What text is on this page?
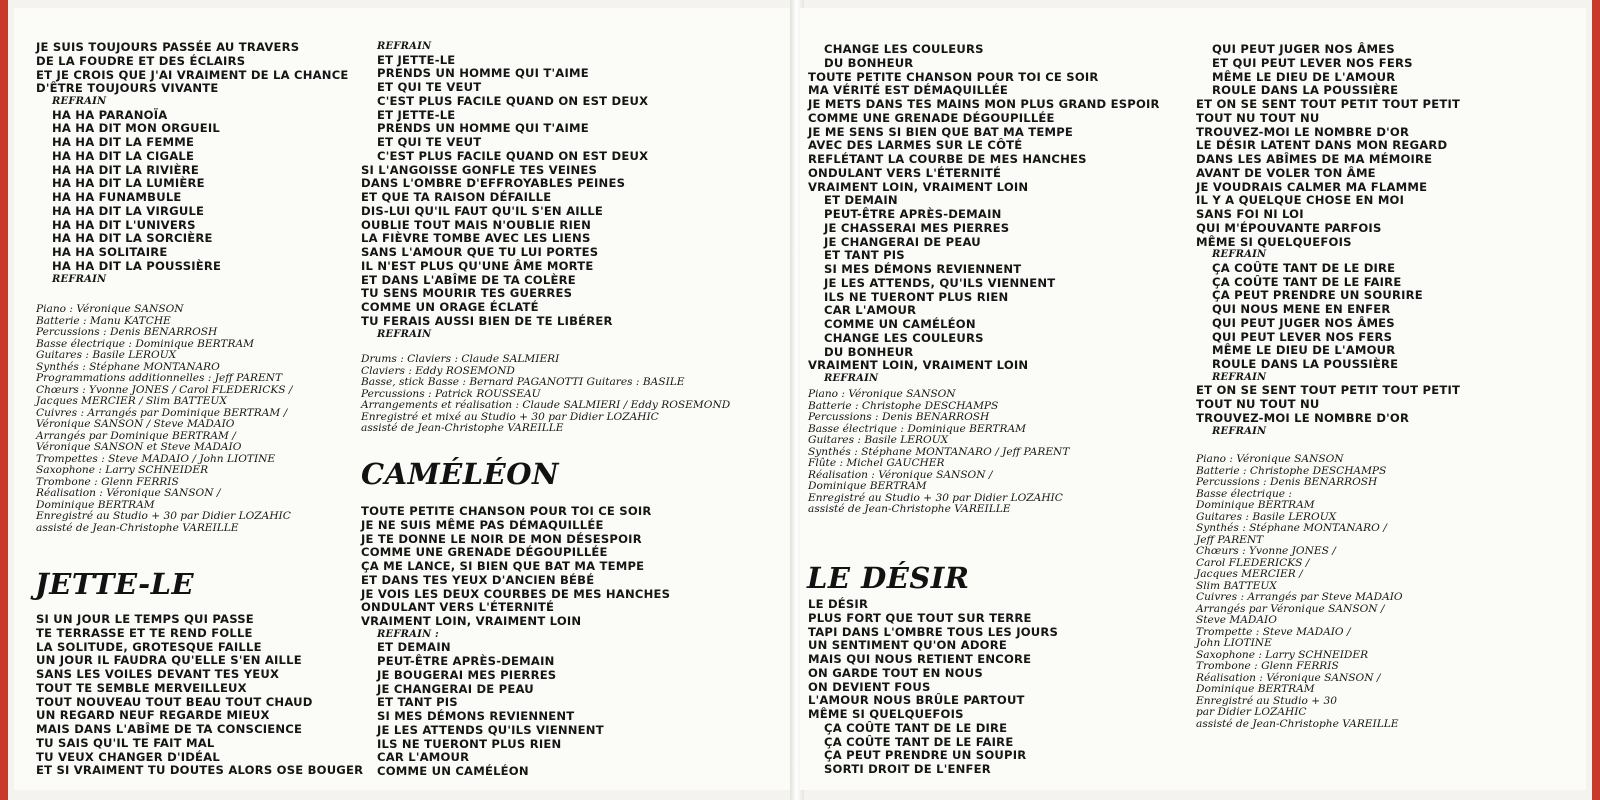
JE SUIS TOUJOURS PASSÉE AU TRAVERS
DE LA FOUDRE ET DES ÉCLAIRS
ET JE CROIS QUE J'AI VRAIMENT DE LA CHANCE
D'ÊTRE TOUJOURS VIVANTE
REFRAIN
HA HA PARANOÏA
HA HA DIT MON ORGUEIL
HA HA DIT LA FEMME
HA HA DIT LA CIGALE
HA HA DIT LA RIVIÈRE
HA HA DIT LA LUMIÈRE
HA HA FUNAMBULE
HA HA DIT LA VIRGULE
HA HA DIT L'UNIVERS
HA HA DIT LA SORCIÈRE
HA HA SOLITAIRE
HA HA DIT LA POUSSIÈRE
REFRAIN
Piano : Véronique SANSON
Batterie : Manu KATCHE
Percussions : Denis BENARROSH
Basse électrique : Dominique BERTRAM
Guitares : Basile LEROUX
Synthés : Stéphane MONTANARO
Programmations additionnelles : Jeff PARENT
Chœurs : Yvonne JONES / Carol FLEDERICKS /
Jacques MERCIER / Slim BATTEUX
Cuivres : Arrangés par Dominique BERTRAM /
Véronique SANSON / Steve MADAIO
Arrangés par Dominique BERTRAM /
Véronique SANSON et Steve MADAIO
Trompettes : Steve MADAIO / John LIOTINE
Saxophone : Larry SCHNEIDER
Trombone : Glenn FERRIS
Réalisation : Véronique SANSON /
Dominique BERTRAM
Enregistré au Studio + 30 par Didier LOZAHIC
assisté de Jean-Christophe VAREILLE
JETTE-LE
SI UN JOUR LE TEMPS QUI PASSE
TE TERRASSE ET TE REND FOLLE
LA SOLITUDE, GROTESQUE FAILLE
UN JOUR IL FAUDRA QU'ELLE S'EN AILLE
SANS LES VOILES DEVANT TES YEUX
TOUT TE SEMBLE MERVEILLEUX
TOUT NOUVEAU TOUT BEAU TOUT CHAUD
UN REGARD NEUF REGARDE MIEUX
MAIS DANS L'ABÎME DE TA CONSCIENCE
TU SAIS QU'IL TE FAIT MAL
TU VEUX CHANGER D'IDÉAL
ET SI VRAIMENT TU DOUTES ALORS OSE BOUGER
REFRAIN
ET JETTE-LE
PRENDS UN HOMME QUI T'AIME
ET QUI TE VEUT
C'EST PLUS FACILE QUAND ON EST DEUX
ET JETTE-LE
PRENDS UN HOMME QUI T'AIME
ET QUI TE VEUT
C'EST PLUS FACILE QUAND ON EST DEUX
SI L'ANGOISSE GONFLE TES VEINES
DANS L'OMBRE D'EFFROYABLES PEINES
ET QUE TA RAISON DÉFAILLE
DIS-LUI QU'IL FAUT QU'IL S'EN AILLE
OUBLIE TOUT MAIS N'OUBLIE RIEN
LA FIÈVRE TOMBE AVEC LES LIENS
SANS L'AMOUR QUE TU LUI PORTES
IL N'EST PLUS QU'UNE ÂME MORTE
ET DANS L'ABÎME DE TA COLÈRE
TU SENS MOURIR TES GUERRES
COMME UN ORAGE ÉCLATÉ
TU FERAIS AUSSI BIEN DE TE LIBÉRER
REFRAIN
Drums : Claviers : Claude SALMIERI
Claviers : Eddy ROSEMOND
Basse, stick Basse : Bernard PAGANOTTI Guitares : BASILE
Percussions : Patrick ROUSSEAU
Arrangements et réalisation : Claude SALMIERI / Eddy ROSEMOND
Enregistré et mixé au Studio + 30 par Didier LOZAHIC
assisté de Jean-Christophe VAREILLE
CAMÉLÉON
TOUTE PETITE CHANSON POUR TOI CE SOIR
JE NE SUIS MÊME PAS DÉMAQUILLÉE
JE TE DONNE LE NOIR DE MON DÉSESPOIR
COMME UNE GRENADE DÉGOUPILLÉE
ÇA ME LANCE, SI BIEN QUE BAT MA TEMPE
ET DANS TES YEUX D'ANCIEN BÉBÉ
JE VOIS LES DEUX COURBES DE MES HANCHES
ONDULANT VERS L'ÉTERNITÉ
VRAIMENT LOIN, VRAIMENT LOIN
REFRAIN :
ET DEMAIN
PEUT-ÊTRE APRÈS-DEMAIN
JE BOUGERAI MES PIERRES
JE CHANGERAI DE PEAU
ET TANT PIS
SI MES DÉMONS REVIENNENT
JE LES ATTENDS QU'ILS VIENNENT
ILS NE TUERONT PLUS RIEN
CAR L'AMOUR
COMME UN CAMÉLÉON
CHANGE LES COULEURS
DU BONHEUR
TOUTE PETITE CHANSON POUR TOI CE SOIR
MA VÉRITÉ EST DÉMAQUILLÉE
JE METS DANS TES MAINS MON PLUS GRAND ESPOIR
COMME UNE GRENADE DÉGOUPILLÉE
JE ME SENS SI BIEN QUE BAT MA TEMPE
AVEC DES LARMES SUR LE CÔTÉ
REFLÉTANT LA COURBE DE MES HANCHES
ONDULANT VERS L'ÉTERNITÉ
VRAIMENT LOIN, VRAIMENT LOIN
ET DEMAIN
PEUT-ÊTRE APRÈS-DEMAIN
JE CHASSERAI MES PIERRES
JE CHANGERAI DE PEAU
ET TANT PIS
SI MES DÉMONS REVIENNENT
JE LES ATTENDS, QU'ILS VIENNENT
ILS NE TUERONT PLUS RIEN
CAR L'AMOUR
COMME UN CAMÉLÉON
CHANGE LES COULEURS
DU BONHEUR
VRAIMENT LOIN, VRAIMENT LOIN
REFRAIN
Piano : Véronique SANSON
Batterie : Christophe DESCHAMPS
Percussions : Denis BENARROSH
Basse électrique : Dominique BERTRAM
Guitares : Basile LEROUX
Synthés : Stéphane MONTANARO / Jeff PARENT
Flûte : Michel GAUCHER
Réalisation : Véronique SANSON /
Dominique BERTRAM
Enregistré au Studio + 30 par Didier LOZAHIC
assisté de Jean-Christophe VAREILLE
LE DÉSIR
LE DÉSIR
PLUS FORT QUE TOUT SUR TERRE
TAPI DANS L'OMBRE TOUS LES JOURS
UN SENTIMENT QU'ON ADORE
MAIS QUI NOUS RETIENT ENCORE
ON GARDE TOUT EN NOUS
ON DEVIENT FOUS
L'AMOUR NOUS BRÛLE PARTOUT
MÊME SI QUELQUEFOIS
ÇA COÛTE TANT DE LE DIRE
ÇA COÛTE TANT DE LE FAIRE
ÇA PEUT PRENDRE UN SOUPIR
SORTI DROIT DE L'ENFER
QUI PEUT JUGER NOS ÂMES
ET QUI PEUT LEVER NOS FERS
MÊME LE DIEU DE L'AMOUR
ROULE DANS LA POUSSIÈRE
ET ON SE SENT TOUT PETIT TOUT PETIT
TOUT NU TOUT NU
TROUVEZ-MOI LE NOMBRE D'OR
LE DÉSIR LATENT DANS MON REGARD
DANS LES ABÎMES DE MA MÉMOIRE
AVANT DE VOLER TON ÂME
JE VOUDRAIS CALMER MA FLAMME
IL Y A QUELQUE CHOSE EN MOI
SANS FOI NI LOI
QUI M'ÉPOUVANTE PARFOIS
MÊME SI QUELQUEFOIS
REFRAIN
ÇA COÛTE TANT DE LE DIRE
ÇA COÛTE TANT DE LE FAIRE
ÇA PEUT PRENDRE UN SOURIRE
QUI NOUS MENE EN ENFER
QUI PEUT JUGER NOS ÂMES
QUI PEUT LEVER NOS FERS
MÊME LE DIEU DE L'AMOUR
ROULE DANS LA POUSSIÈRE
REFRAIN
ET ON SE SENT TOUT PETIT TOUT PETIT
TOUT NU TOUT NU
TROUVEZ-MOI LE NOMBRE D'OR
REFRAIN
Piano : Véronique SANSON
Batterie : Christophe DESCHAMPS
Percussions : Denis BENARROSH
Basse électrique :
Dominique BERTRAM
Guitares : Basile LEROUX
Synthés : Stéphane MONTANARO /
Jeff PARENT
Chœurs : Yvonne JONES /
Carol FLEDERICKS /
Jacques MERCIER /
Slim BATTEUX
Cuivres : Arrangés par Steve MADAIO
Arrangés par Véronique SANSON /
Steve MADAIO
Trompette : Steve MADAIO /
John LIOTINE
Saxophone : Larry SCHNEIDER
Trombone : Glenn FERRIS
Réalisation : Véronique SANSON /
Dominique BERTRAM
Enregistré au Studio + 30
par Didier LOZAHIC
assisté de Jean-Christophe VAREILLE
